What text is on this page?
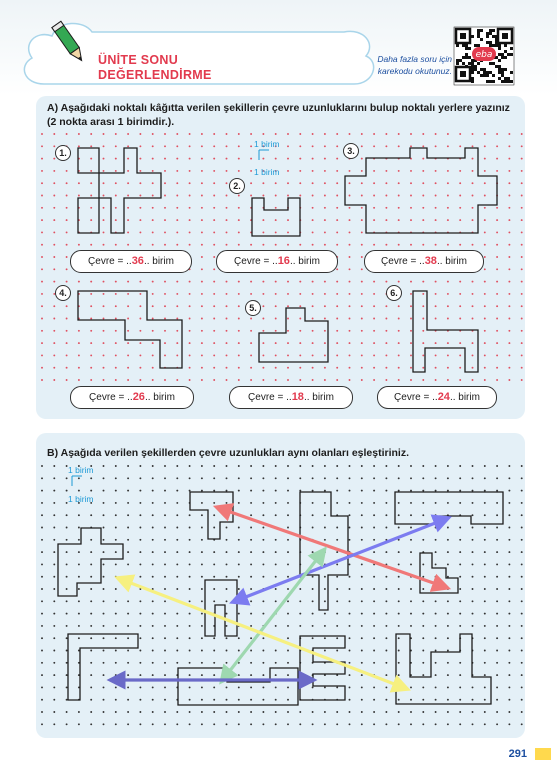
ÜNİTE SONU
DEĞERLENDİRME
Daha fazla soru için
karekodu okutunuz.
eba
A) Aşağıdaki noktalı kâğıtta verilen şekillerin çevre uzunluklarını bulup noktalı yerlere yazınız (2 nokta arası 1 birimdir.).
1 birim
1 birim
1.
2.
3.
4.
5.
6.
Çevre = ..36.. birim	Çevre = ..16.. birim	Çevre = ..38.. birim
Çevre = ..26.. birim	Çevre = ..18.. birim	Çevre = ..24.. birim
B) Aşağıda verilen şekillerden çevre uzunlukları aynı olanları eşleştiriniz.
1 birim
1 birim
291
